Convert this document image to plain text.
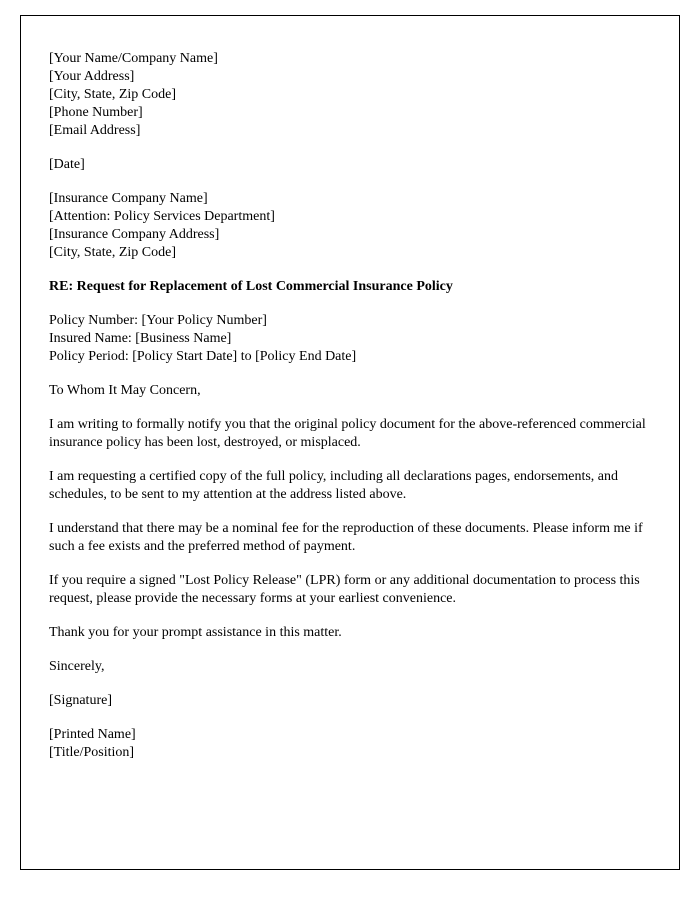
[Your Name/Company Name]
[Your Address]
[City, State, Zip Code]
[Phone Number]
[Email Address]
[Date]
[Insurance Company Name]
[Attention: Policy Services Department]
[Insurance Company Address]
[City, State, Zip Code]
RE: Request for Replacement of Lost Commercial Insurance Policy
Policy Number: [Your Policy Number]
Insured Name: [Business Name]
Policy Period: [Policy Start Date] to [Policy End Date]
To Whom It May Concern,
I am writing to formally notify you that the original policy document for the above-referenced commercial insurance policy has been lost, destroyed, or misplaced.
I am requesting a certified copy of the full policy, including all declarations pages, endorsements, and schedules, to be sent to my attention at the address listed above.
I understand that there may be a nominal fee for the reproduction of these documents. Please inform me if such a fee exists and the preferred method of payment.
If you require a signed "Lost Policy Release" (LPR) form or any additional documentation to process this request, please provide the necessary forms at your earliest convenience.
Thank you for your prompt assistance in this matter.
Sincerely,
[Signature]
[Printed Name]
[Title/Position]
